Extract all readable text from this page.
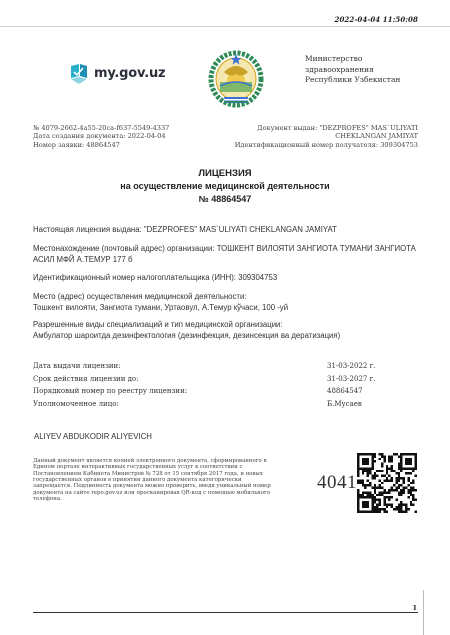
2022-04-04 11:50:08
my.gov.uz
Министерство
здравоохранения
Республики Узбекистан
№ 4079-2662-4a55-20ca-f637-5549-4337
Дата создания документа: 2022-04-04
Номер заявки: 48864547
Документ выдан: "DEZPROFES" MAS`ULIYATI
CHEKLANGAN JAMIYAT
Идентификационный номер получателя: 309304753
ЛИЦЕНЗИЯ
на осуществление медицинской деятельности
№ 48864547
Настоящая лицензия выдана: "DEZPROFES" MAS`ULIYATI CHEKLANGAN JAMIYAT
Местонахождение (почтовый адрес) организации: ТОШКЕНТ ВИЛОЯТИ ЗАНГИОТА ТУМАНИ ЗАНГИОТА
АСИЛ МФЙ А.ТЕМУР 177 б
Идентификационный номер налогоплательщика (ИНН): 309304753
Место (адрес) осуществления медицинской деятельности:
Тошкент вилояти, Зангиота тумани, Уртаовул, А.Темур кўчаси, 100 -уй
Разрешенные виды специализаций и тип медицинской организации:
Амбулатор шароитда дезинфектология (дезинфекция, дезинсекция ва дератизация)
Дата выдачи лицензии:	31-03-2022 г.
Срок действия лицензии до:	31-03-2027 г.
Порядковый номер по реестру лицензии:	48864547
Уполномоченное лицо:	Б.Мусаев
ALIYEV ABDUKODIR ALIYEVICH
Данный документ является копией электронного документа, сформированного в
Едином портале интерактивных государственных услуг в соответствии с
Постановлением Кабинета Министров № 728 от 15 сентября 2017 года, и новых
государственных органов в принятии данного документа категорически
запрещается. Подлинность документа можно проверить, введя уникальный номер
документа на сайте repo.gov.uz или просканировав QR-код с помощью мобильного
телефона.
4041
1
